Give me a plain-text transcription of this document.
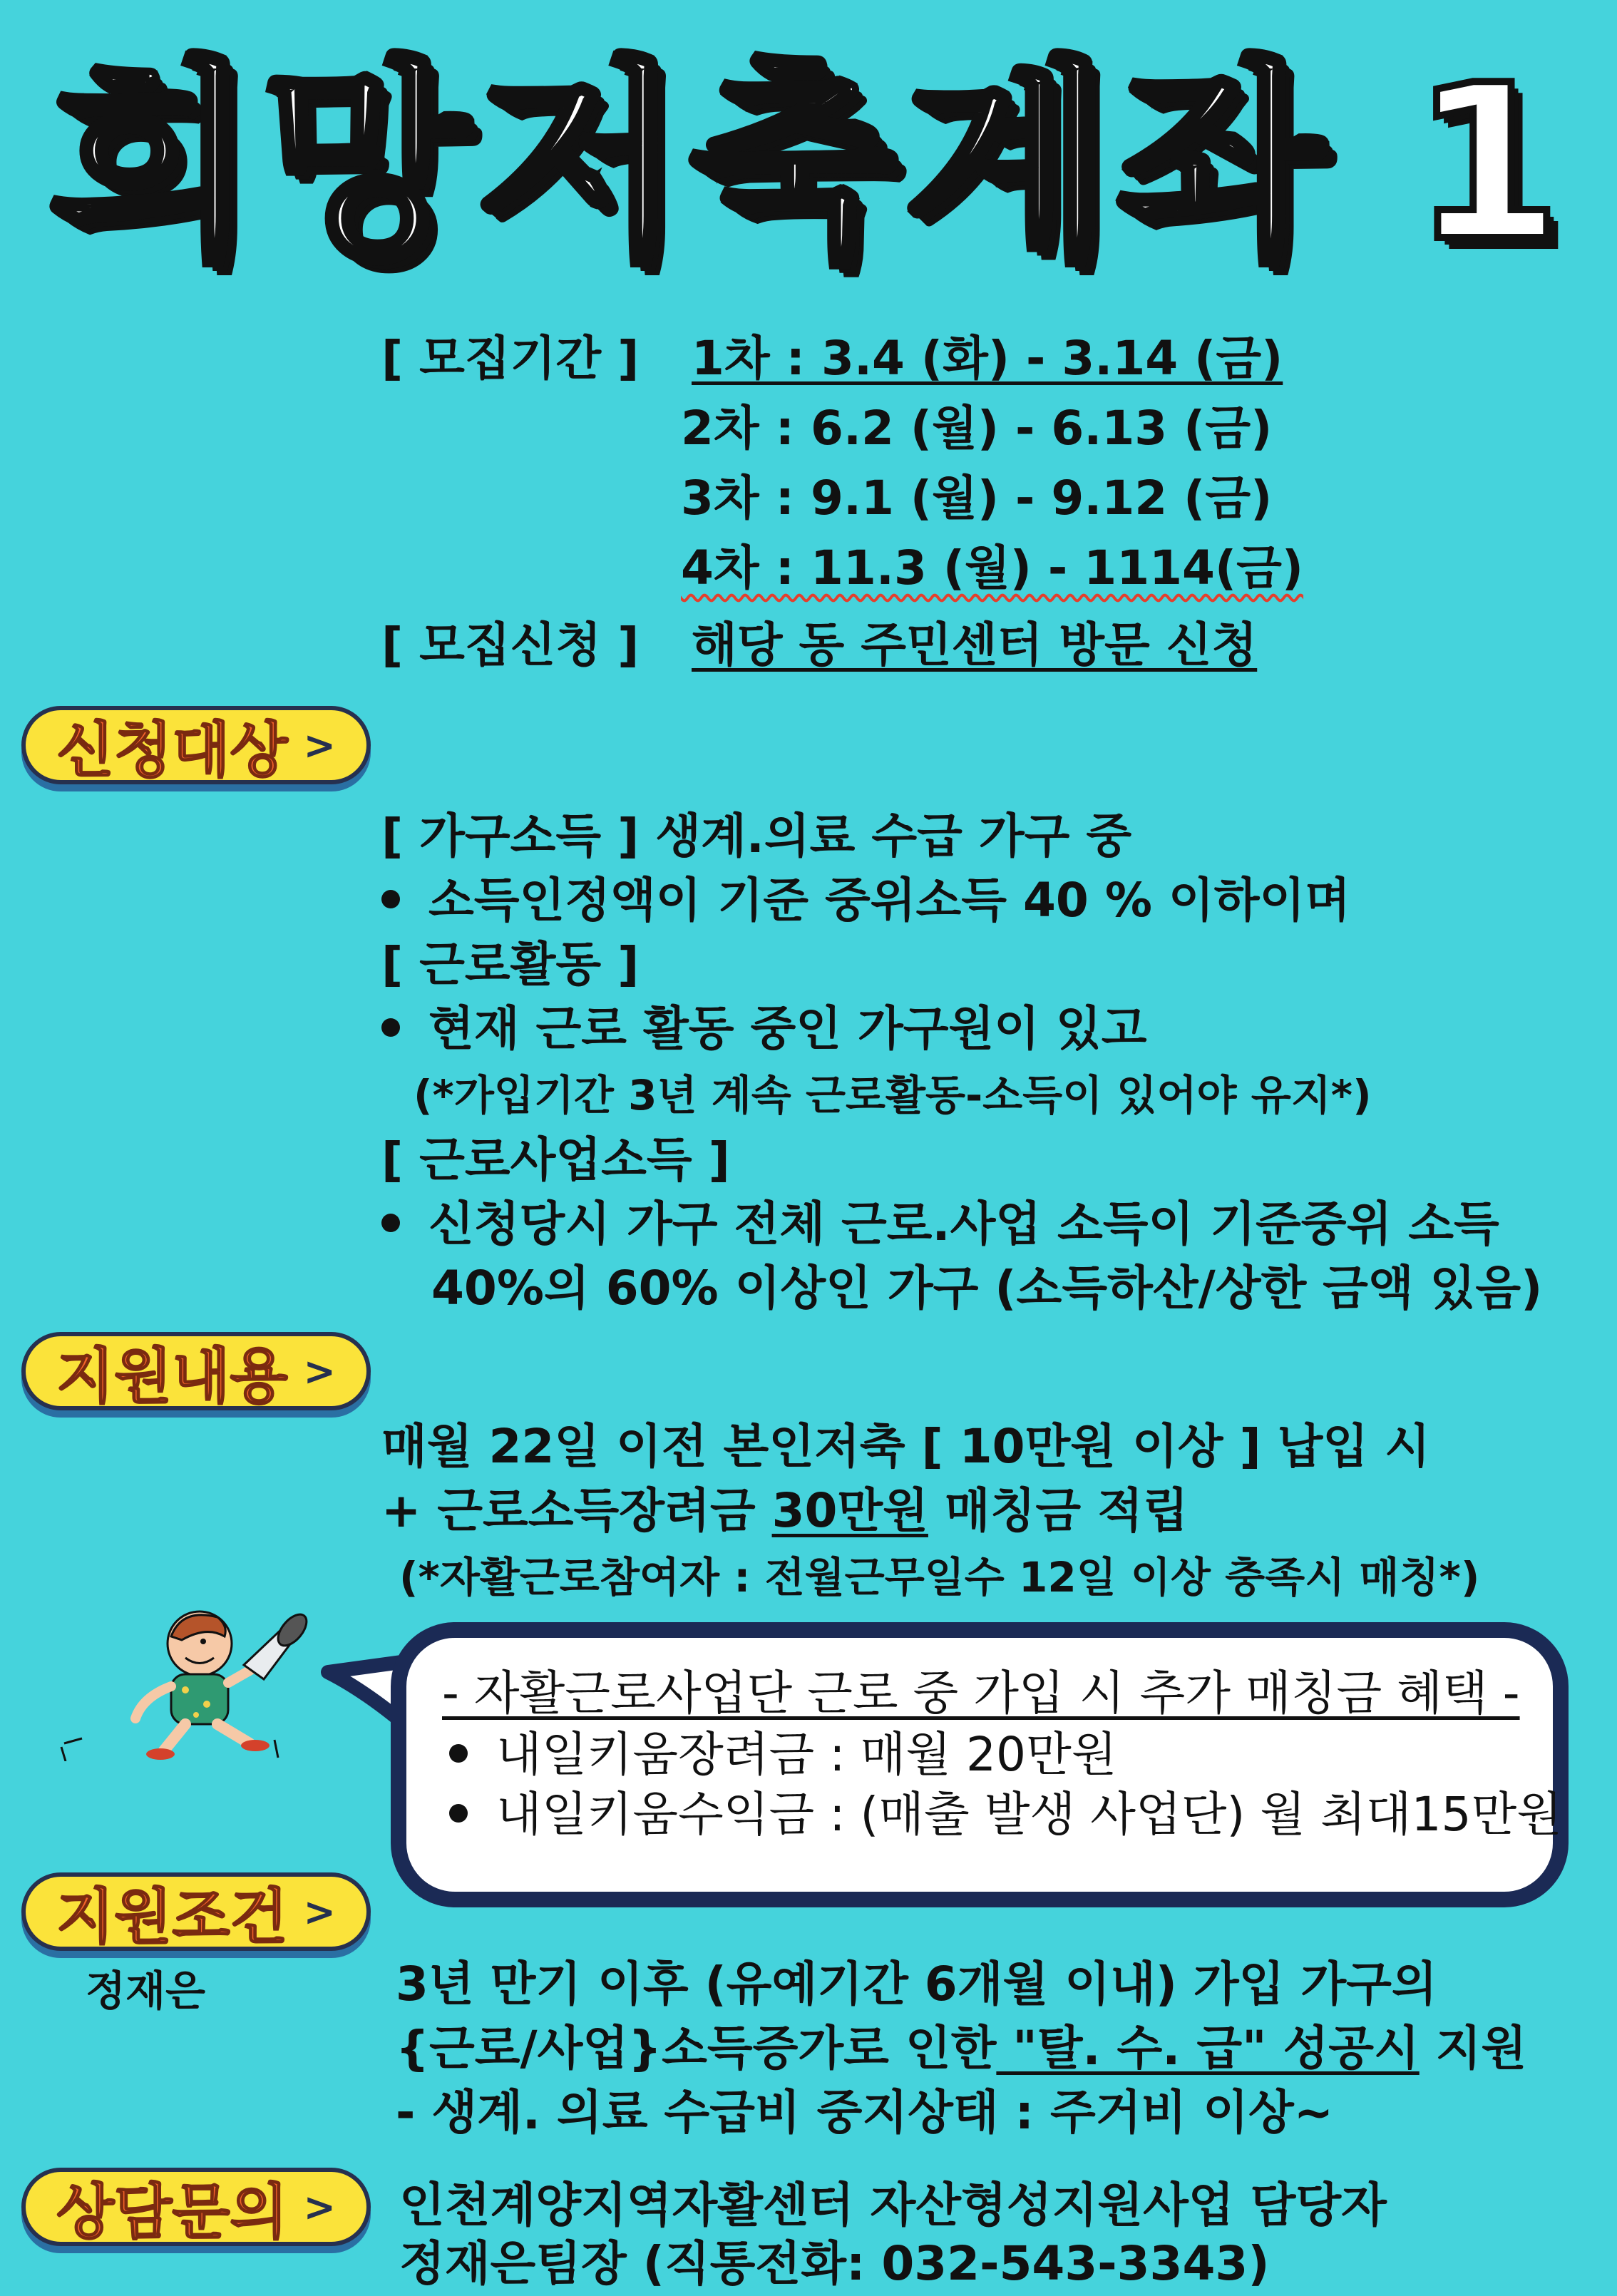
희망저축계좌 1
[ 모집기간 ] 1차 : 3.4 (화) - 3.14 (금)
2차 : 6.2 (월) - 6.13 (금)
3차 : 9.1 (월) - 9.12 (금)
4차 : 11.3 (월) - 1114(금)
[ 모집신청 ] 해당 동 주민센터 방문 신청
신청대상 >
[ 가구소득 ] 생계.의료 수급 가구 중
소득인정액이 기준 중위소득 40 % 이하이며
[ 근로활동 ]
현재 근로 활동 중인 가구원이 있고
(*가입기간 3년 계속 근로활동-소득이 있어야 유지*)
[ 근로사업소득 ]
신청당시 가구 전체 근로.사업 소득이 기준중위 소득
40%의 60% 이상인 가구 (소득하산/상한 금액 있음)
지원내용 >
매월 22일 이전 본인저축 [ 10만원 이상 ] 납입 시
+ 근로소득장려금 30만원 매칭금 적립
(*자활근로참여자 : 전월근무일수 12일 이상 충족시 매칭*)
- 자활근로사업단 근로 중 가입 시 추가 매칭금 혜택 -
내일키움장려금 : 매월 20만원
내일키움수익금 : (매출 발생 사업단) 월 최대15만원
지원조건 >
정재은	3년 만기 이후 (유예기간 6개월 이내) 가입 가구의
{근로/사업}소득증가로 인한 "탈. 수. 급" 성공시 지원
- 생계. 의료 수급비 중지상태 : 주거비 이상~
상담문의 > 인천계양지역자활센터 자산형성지원사업 담당자
정재은팀장 (직통전화: 032-543-3343)
